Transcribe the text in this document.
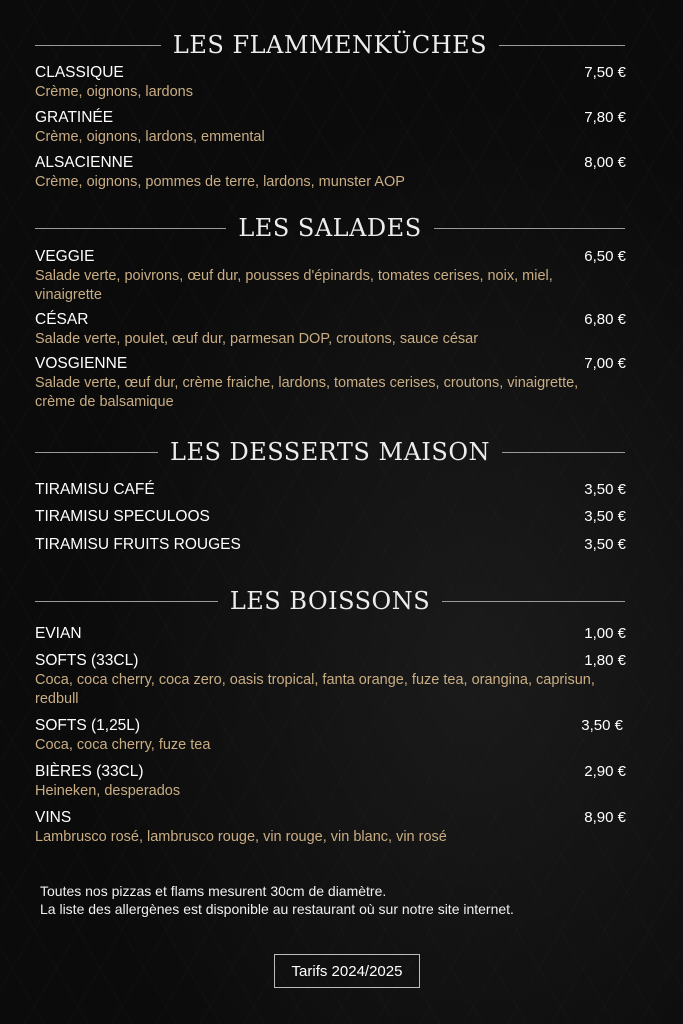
LES FLAMMENKÜCHES
CLASSIQUE	7,50 €
Crème, oignons, lardons
GRATINÉE	7,80 €
Crème, oignons, lardons, emmental
ALSACIENNE	8,00 €
Crème, oignons, pommes de terre, lardons, munster AOP
LES SALADES
VEGGIE	6,50 €
Salade verte, poivrons, œuf dur, pousses d'épinards, tomates cerises, noix, miel, vinaigrette
CÉSAR	6,80 €
Salade verte, poulet, œuf dur, parmesan DOP, croutons, sauce césar
VOSGIENNE	7,00 €
Salade verte, œuf dur, crème fraiche, lardons, tomates cerises, croutons, vinaigrette, crème de balsamique
LES DESSERTS MAISON
TIRAMISU CAFÉ	3,50 €
TIRAMISU SPECULOOS	3,50 €
TIRAMISU FRUITS ROUGES	3,50 €
LES BOISSONS
EVIAN	1,00 €
SOFTS (33CL)	1,80 €
Coca, coca cherry, coca zero, oasis tropical, fanta orange, fuze tea, orangina, caprisun, redbull
SOFTS (1,25L)	3,50 €
Coca, coca cherry, fuze tea
BIÈRES (33CL)	2,90 €
Heineken, desperados
VINS	8,90 €
Lambrusco rosé, lambrusco rouge, vin rouge, vin blanc, vin rosé
Toutes nos pizzas et flams mesurent 30cm de diamètre.
La liste des allergènes est disponible au restaurant où sur notre site internet.
Tarifs 2024/2025
